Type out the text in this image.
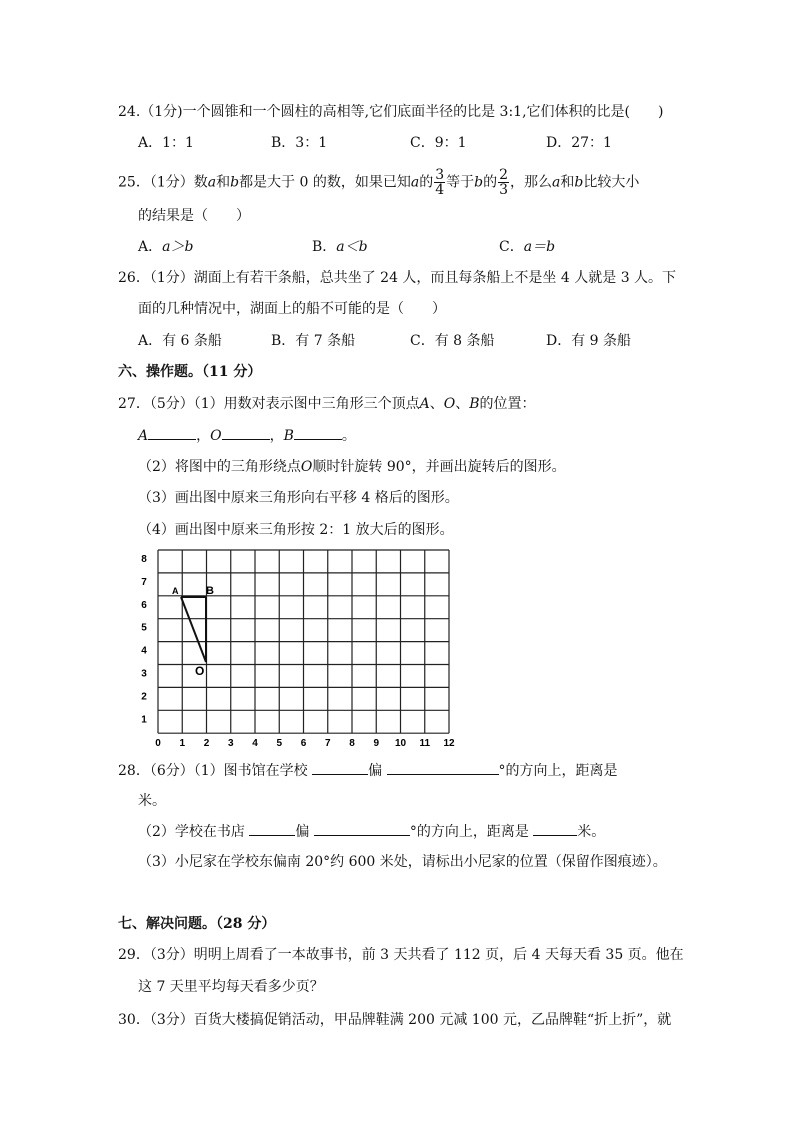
24.（1分)一个圆锥和一个圆柱的高相等,它们底面半径的比是 3:1,它们体积的比是(　　)
A．1：1	B．3：1	C．9：1	D．27：1
25．（1分）数a和b都是大于 0 的数，如果已知a的 $\frac{3}{4}$ 等于b的 $\frac{2}{3}$ ，那么a和b比较大小
的结果是（　　）
A．a＞b	B．a＜b	C．a＝b
26．（1分）湖面上有若干条船，总共坐了 24 人，而且每条船上不是坐 4 人就是 3 人。下
面的几种情况中，湖面上的船不可能的是（　　）
A．有 6 条船	B．有 7 条船	C．有 8 条船	D．有 9 条船
六、操作题。（11 分）
27．（5分）（1）用数对表示图中三角形三个顶点A、O、B的位置：
A	，O	，B	。
（2）将图中的三角形绕点O顺时针旋转 90°，并画出旋转后的图形。
（3）画出图中原来三角形向右平移 4 格后的图形。
（4）画出图中原来三角形按 2：1 放大后的图形。
0 1 2 3 4 5 6 7 8 9 10 11 12
1
2
3
4
5
6
7
8
A	B
O
28．（6分）（1）图书馆在学校	偏	°的方向上，距离是
米。
（2）学校在书店	偏	°的方向上，距离是	米。
（3）小尼家在学校东偏南 20°约 600 米处，请标出小尼家的位置（保留作图痕迹）。
七、解决问题。（28 分）
29．（3分）明明上周看了一本故事书，前 3 天共看了 112 页，后 4 天每天看 35 页。他在
这 7 天里平均每天看多少页？
30．（3分）百货大楼搞促销活动，甲品牌鞋满 200 元减 100 元，乙品牌鞋“折上折”，就
